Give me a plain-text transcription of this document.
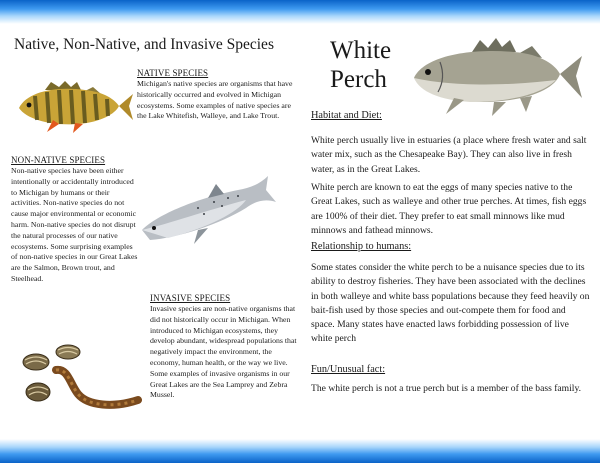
Native, Non-Native, and Invasive Species
NATIVE SPECIES
Michigan's native species are organisms that have historically occurred and evolved in Michigan ecosystems. Some examples of native species are the Lake Whitefish, Walleye, and Lake Trout.
NON-NATIVE SPECIES
Non-native species have been either intentionally or accidentally introduced to Michigan by humans or their activities. Non-native species do not cause major environmental or economic harm. Non-native species do not disrupt the natural processes of our native ecosystems. Some surprising examples of non-native species in our Great Lakes are the Salmon, Brown trout, and Steelhead.
INVASIVE SPECIES
Invasive species are non-native organisms that did not historically occur in Michigan. When introduced to Michigan ecosystems, they develop abundant, widespread populations that negatively impact the environment, the economy, human health, or the way we live. Some examples of invasive organisms in our Great Lakes are the Sea Lamprey and Zebra Mussel.
White
Perch
Habitat and Diet:
White perch usually live in estuaries (a place where fresh water and salt water mix, such as the Chesapeake Bay). They can also live in fresh water, as in the Great Lakes.
White perch are known to eat the eggs of many species native to the Great Lakes, such as walleye and other true perches. At times, fish eggs are 100% of their diet. They prefer to eat small minnows like mud minnows and fathead minnows.
Relationship to humans:
Some states consider the white perch to be a nuisance species due to its ability to destroy fisheries. They have been associated with the declines in both walleye and white bass populations because they feed heavily on bait-fish used by those species and out-compete them for food and space. Many states have enacted laws forbidding possession of live white perch
Fun/Unusual fact:
The white perch is not a true perch but is a member of the bass family.
